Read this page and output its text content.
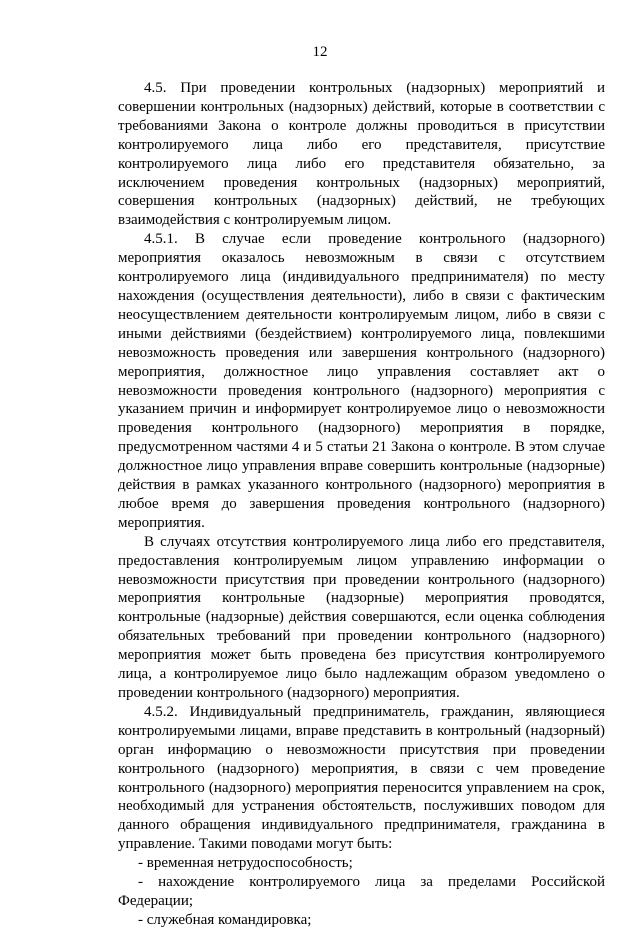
12

4.5. При проведении контрольных (надзорных) мероприятий и совершении контрольных (надзорных) действий, которые в соответствии с требованиями Закона о контроле должны проводиться в присутствии контролируемого лица либо его представителя, присутствие контролируемого лица либо его представителя обязательно, за исключением проведения контрольных (надзорных) мероприятий, совершения контрольных (надзорных) действий, не требующих взаимодействия с контролируемым лицом.

4.5.1. В случае если проведение контрольного (надзорного) мероприятия оказалось невозможным в связи с отсутствием контролируемого лица (индивидуального предпринимателя) по месту нахождения (осуществления деятельности), либо в связи с фактическим неосуществлением деятельности контролируемым лицом, либо в связи с иными действиями (бездействием) контролируемого лица, повлекшими невозможность проведения или завершения контрольного (надзорного) мероприятия, должностное лицо управления составляет акт о невозможности проведения контрольного (надзорного) мероприятия с указанием причин и информирует контролируемое лицо о невозможности проведения контрольного (надзорного) мероприятия в порядке, предусмотренном частями 4 и 5 статьи 21 Закона о контроле. В этом случае должностное лицо управления вправе совершить контрольные (надзорные) действия в рамках указанного контрольного (надзорного) мероприятия в любое время до завершения проведения контрольного (надзорного) мероприятия.

В случаях отсутствия контролируемого лица либо его представителя, предоставления контролируемым лицом управлению информации о невозможности присутствия при проведении контрольного (надзорного) мероприятия контрольные (надзорные) мероприятия проводятся, контрольные (надзорные) действия совершаются, если оценка соблюдения обязательных требований при проведении контрольного (надзорного) мероприятия может быть проведена без присутствия контролируемого лица, а контролируемое лицо было надлежащим образом уведомлено о проведении контрольного (надзорного) мероприятия.

4.5.2. Индивидуальный предприниматель, гражданин, являющиеся контролируемыми лицами, вправе представить в контрольный (надзорный) орган информацию о невозможности присутствия при проведении контрольного (надзорного) мероприятия, в связи с чем проведение контрольного (надзорного) мероприятия переносится управлением на срок, необходимый для устранения обстоятельств, послуживших поводом для данного обращения индивидуального предпринимателя, гражданина в управление. Такими поводами могут быть:

- временная нетрудоспособность;

- нахождение контролируемого лица за пределами Российской Федерации;

- служебная командировка;
